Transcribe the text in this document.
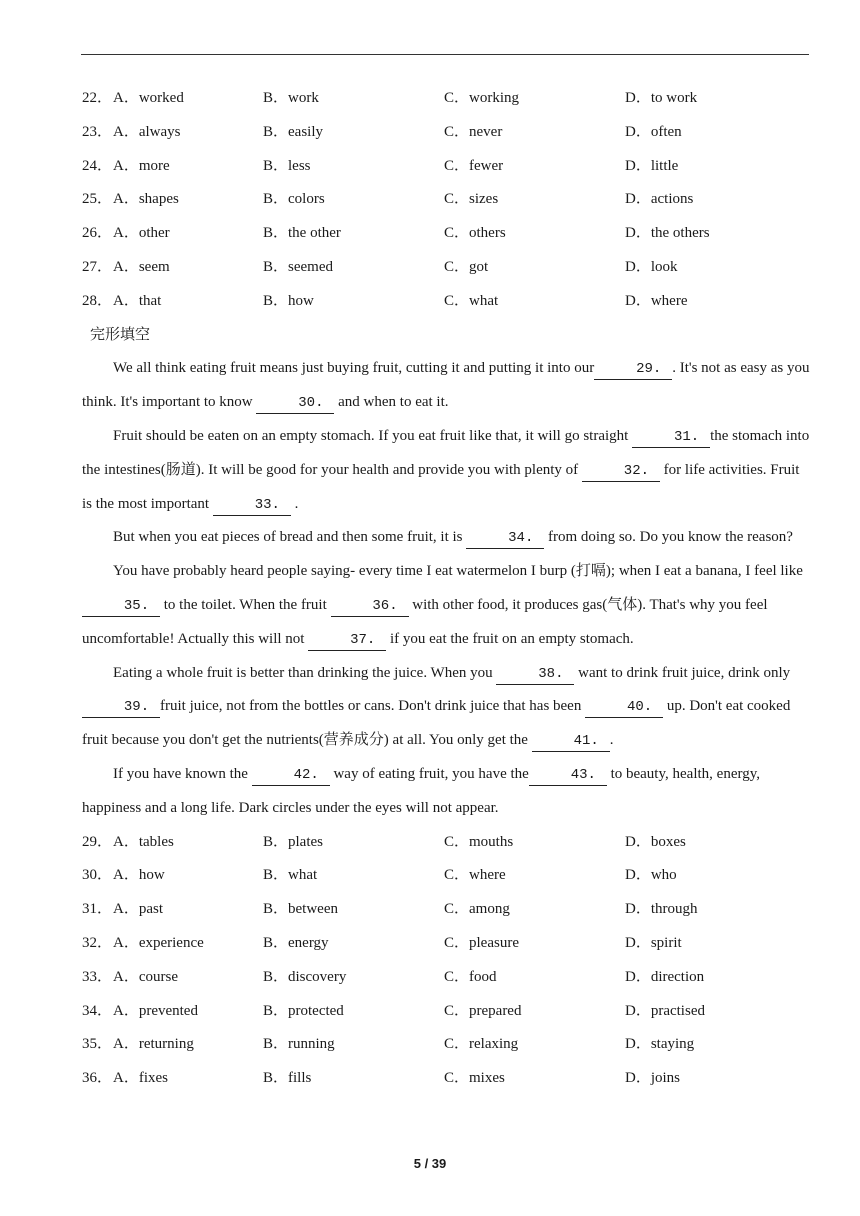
22． A．worked	B．work	C．working	D．to work
23． A．always	B．easily	C．never	D．often
24． A．more	B．less	C．fewer	D．little
25． A．shapes	B．colors	C．sizes	D．actions
26． A．other	B．the other	C．others	D．the others
27． A．seem	B．seemed	C．got	D．look
28． A．that	B．how	C．what	D．where
完形填空

We all think eating fruit means just buying fruit, cutting it and putting it into our	29. . It's not as easy as you think. It's important to know	30. and when to eat it.

Fruit should be eaten on an empty stomach. If you eat fruit like that, it will go straight	31. the stomach into the intestines(肠道). It will be good for your health and provide you with plenty of	32. for life activities. Fruit is the most important	33. .

But when you eat pieces of bread and then some fruit, it is	34. from doing so. Do you know the reason?

You have probably heard people saying- every time I eat watermelon I burp (打嗝); when I eat a banana, I feel like35. to the toilet. When the fruit	36. with other food, it produces gas(气体). That's why you feel uncomfortable! Actually this will not	37. if you eat the fruit on an empty stomach.

Eating a whole fruit is better than drinking the juice. When you	38. want to drink fruit juice, drink only39. fruit juice, not from the bottles or cans. Don't drink juice that has been	40. up. Don't eat cooked fruit because you don't get the nutrients(营养成分) at all. You only get the	41. .

If you have known the	42. way of eating fruit, you have the	43. to beauty, health, energy, happiness and a long life. Dark circles under the eyes will not appear.

29． A．tables	B．plates	C．mouths	D．boxes
30． A．how	B．what	C．where	D．who
31． A．past	B．between	C．among	D．through
32． A．experience	B．energy	C．pleasure	D．spirit
33． A．course	B．discovery	C．food	D．direction
34． A．prevented	B．protected	C．prepared	D．practised
35． A．returning	B．running	C．relaxing	D．staying
36． A．fixes	B．fills	C．mixes	D．joins
5 / 39
